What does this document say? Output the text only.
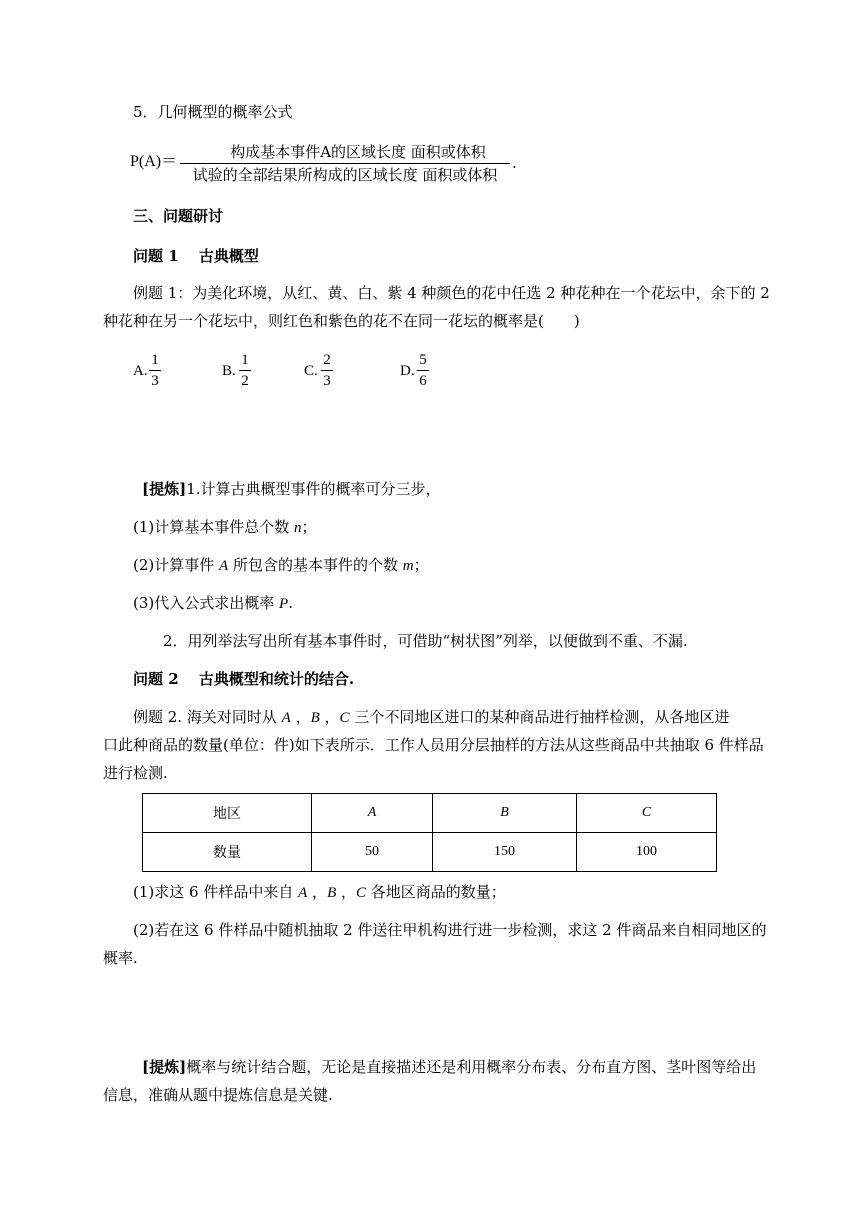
5．几何概型的概率公式
P(A)＝
构成基本事件A的区域长度 面积或体积
试验的全部结果所构成的区域长度 面积或体积
.
三、问题研讨
问题 1　 古典概型
例题 1：为美化环境，从红、黄、白、紫 4 种颜色的花中任选 2 种花种在一个花坛中，余下的 2
种花种在另一个花坛中，则红色和紫色的花不在同一花坛的概率是(　　)
A.
1
3
B.
1
2
C.
2
3
D.
5
6
[提炼]1.计算古典概型事件的概率可分三步，
(1)计算基本事件总个数 n；
(2)计算事件 A 所包含的基本事件的个数 m；
(3)代入公式求出概率 P.
2．用列举法写出所有基本事件时，可借助“树状图”列举，以便做到不重、不漏.
问题 2　 古典概型和统计的结合.
例题 2. 海关对同时从 A ，B ，C 三个不同地区进口的某种商品进行抽样检测，从各地区进
口此种商品的数量(单位：件)如下表所示．工作人员用分层抽样的方法从这些商品中共抽取 6 件样品
进行检测.
地区	A	B	C
数量	50	150	100
(1)求这 6 件样品中来自 A ，B ，C 各地区商品的数量；
(2)若在这 6 件样品中随机抽取 2 件送往甲机构进行进一步检测，求这 2 件商品来自相同地区的
概率.
[提炼]概率与统计结合题，无论是直接描述还是利用概率分布表、分布直方图、茎叶图等给出
信息，准确从题中提炼信息是关键.
